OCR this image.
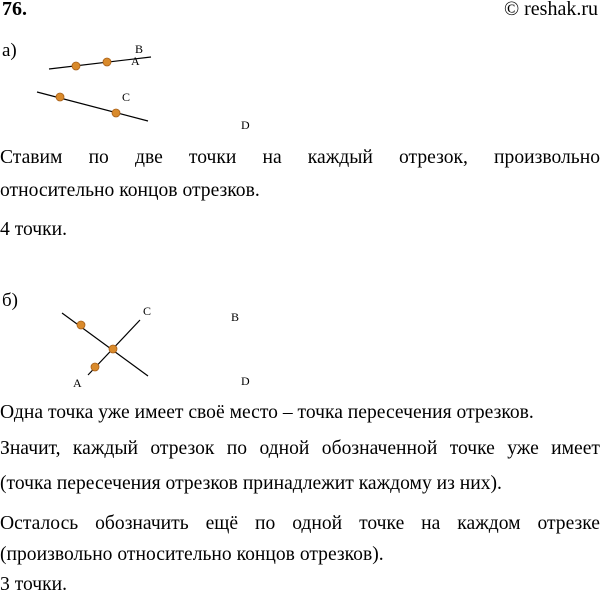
76.	© reshak.ru
а)	B
A
C
D
Ставим по две точки на каждый отрезок, произвольно
относительно концов отрезков.
4 точки.
б)	C	B
A	D
Одна точка уже имеет своё место – точка пересечения отрезков.
Значит, каждый отрезок по одной обозначенной точке уже имеет
(точка пересечения отрезков принадлежит каждому из них).
Осталось обозначить ещё по одной точке на каждом отрезке
(произвольно относительно концов отрезков).
3 точки.
